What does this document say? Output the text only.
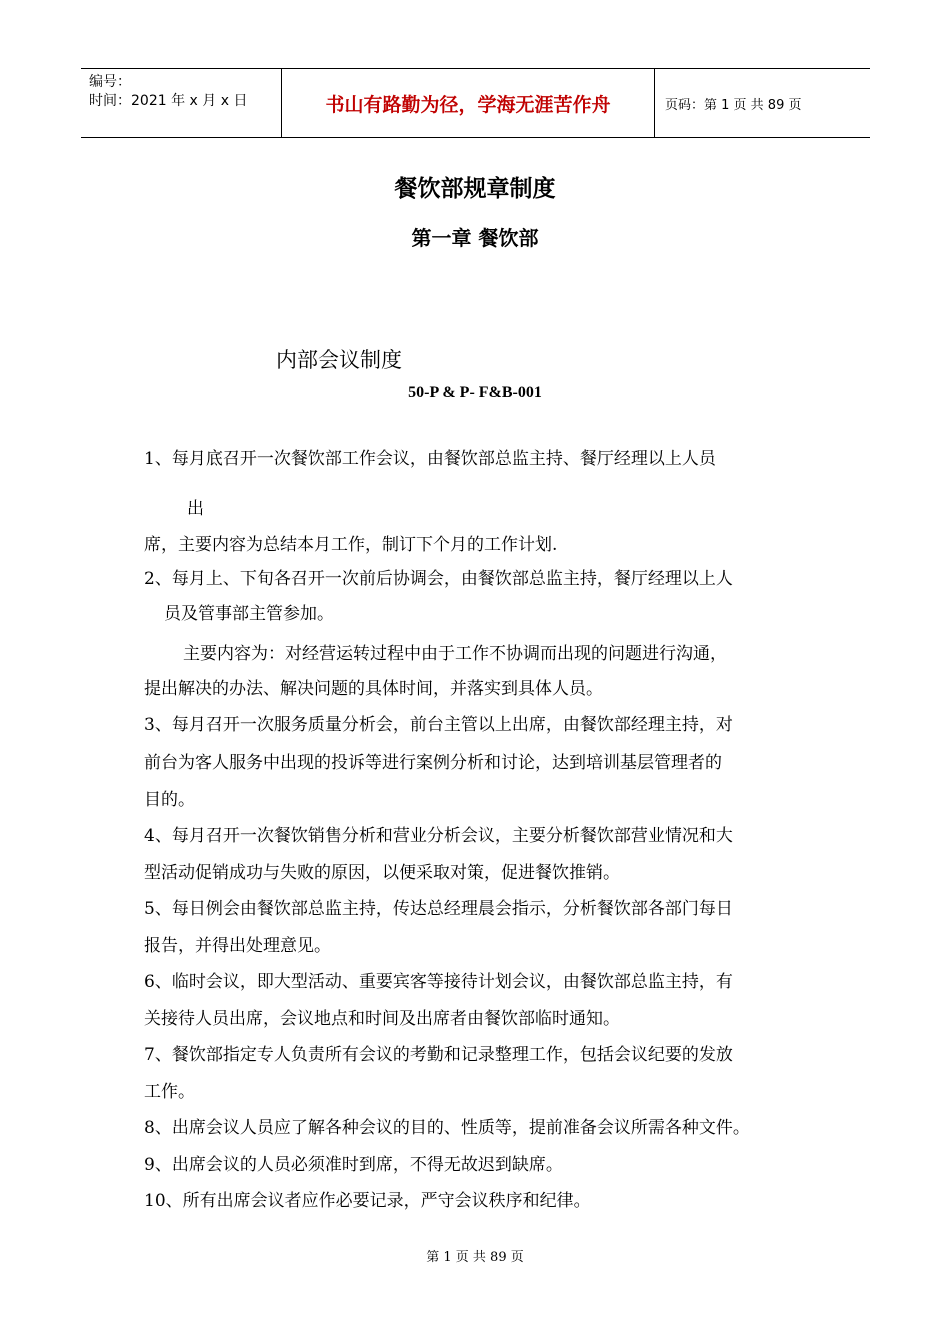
编号：
时间：2021 年 x 月 x 日	书山有路勤为径，学海无涯苦作舟	页码：第 1 页 共 89 页
餐饮部规章制度
第一章 餐饮部
内部会议制度
50-P & P- F&B-001
1、每月底召开一次餐饮部工作会议，由餐饮部总监主持、餐厅经理以上人员
出
席，主要内容为总结本月工作，制订下个月的工作计划.
2、每月上、下旬各召开一次前后协调会，由餐饮部总监主持，餐厅经理以上人
员及管事部主管参加。
主要内容为：对经营运转过程中由于工作不协调而出现的问题进行沟通，
提出解决的办法、解决问题的具体时间，并落实到具体人员。
3、每月召开一次服务质量分析会，前台主管以上出席，由餐饮部经理主持，对
前台为客人服务中出现的投诉等进行案例分析和讨论，达到培训基层管理者的
目的。
4、每月召开一次餐饮销售分析和营业分析会议，主要分析餐饮部营业情况和大
型活动促销成功与失败的原因，以便采取对策，促进餐饮推销。
5、每日例会由餐饮部总监主持，传达总经理晨会指示，分析餐饮部各部门每日
报告，并得出处理意见。
6、临时会议，即大型活动、重要宾客等接待计划会议，由餐饮部总监主持，有
关接待人员出席，会议地点和时间及出席者由餐饮部临时通知。
7、餐饮部指定专人负责所有会议的考勤和记录整理工作，包括会议纪要的发放
工作。
8、出席会议人员应了解各种会议的目的、性质等，提前准备会议所需各种文件。
9、出席会议的人员必须准时到席，不得无故迟到缺席。
10、所有出席会议者应作必要记录，严守会议秩序和纪律。
第 1 页 共 89 页
